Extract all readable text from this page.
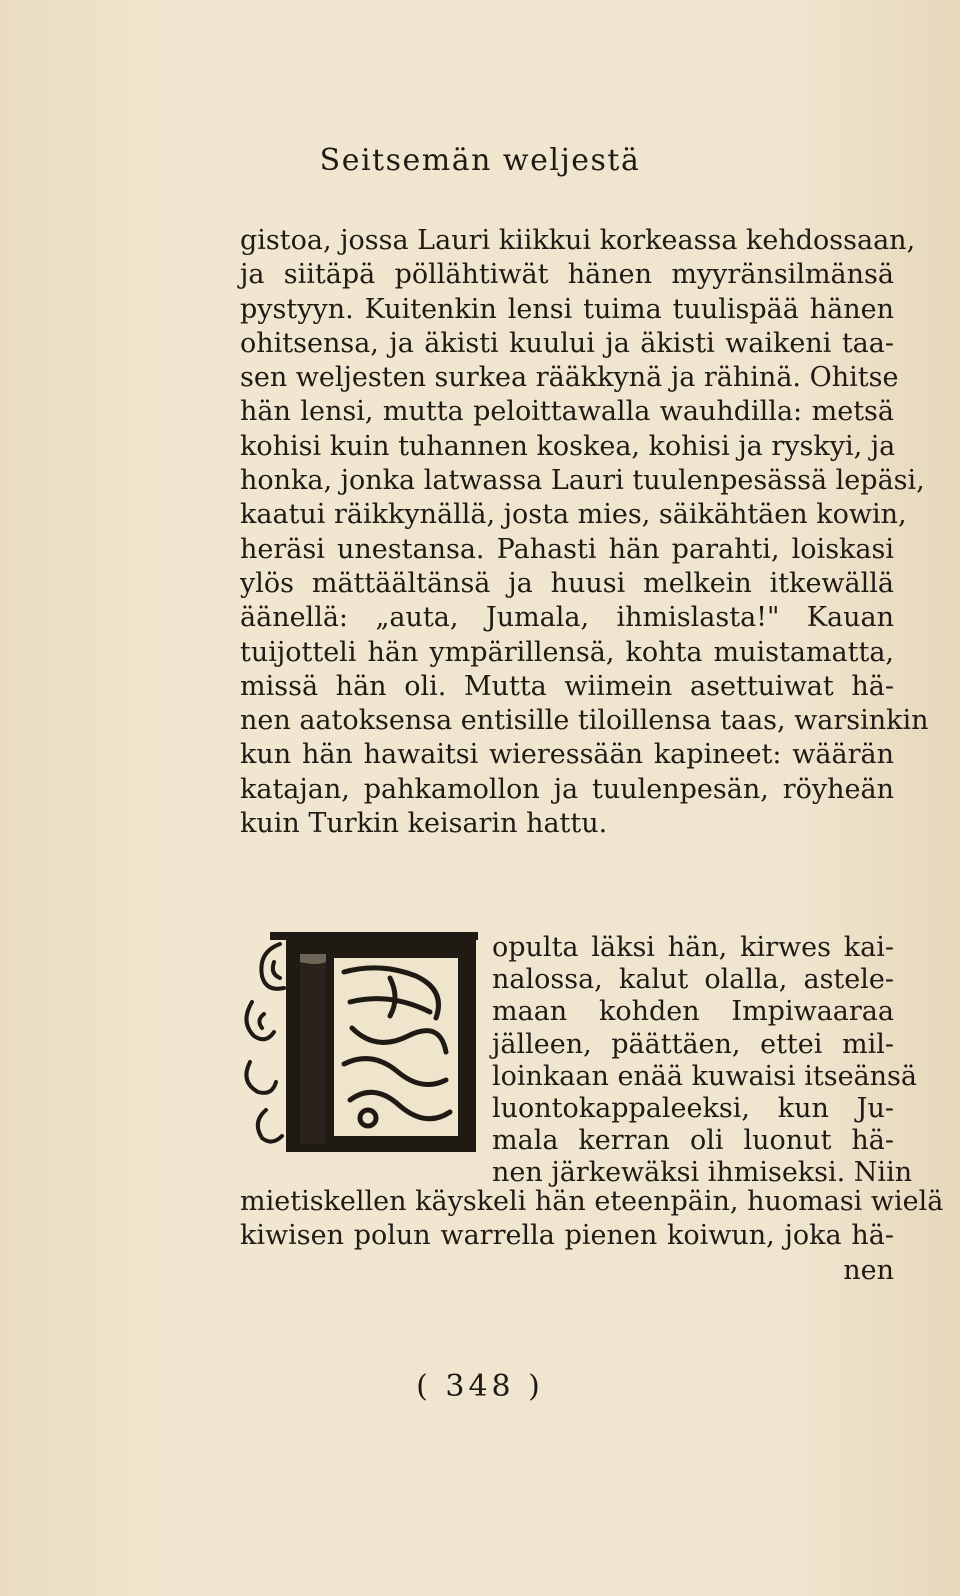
Seitsemän weljestä
gistoa, jossa Lauri kiikkui korkeassa kehdossaan,
ja siitäpä pöllähtiwät hänen myyränsilmänsä
pystyyn. Kuitenkin lensi tuima tuulispää hänen
ohitsensa, ja äkisti kuului ja äkisti waikeni taa-
sen weljesten surkea rääkkynä ja rähinä. Ohitse
hän lensi, mutta peloittawalla wauhdilla: metsä
kohisi kuin tuhannen koskea, kohisi ja ryskyi, ja
honka, jonka latwassa Lauri tuulenpesässä lepäsi,
kaatui räikkynällä, josta mies, säikähtäen kowin,
heräsi unestansa. Pahasti hän parahti, loiskasi
ylös mättäältänsä ja huusi melkein itkewällä
äänellä: „auta, Jumala, ihmislasta!" Kauan
tuijotteli hän ympärillensä, kohta muistamatta,
missä hän oli. Mutta wiimein asettuiwat hä-
nen aatoksensa entisille tiloillensa taas, warsinkin
kun hän hawaitsi wieressään kapineet: wäärän
katajan, pahkamollon ja tuulenpesän, röyheän
kuin Turkin keisarin hattu.
opulta läksi hän, kirwes kai-
nalossa, kalut olalla, astele-
maan kohden Impiwaaraa
jälleen, päättäen, ettei mil-
loinkaan enää kuwaisi itseänsä
luontokappaleeksi, kun Ju-
mala kerran oli luonut hä-
nen järkewäksi ihmiseksi. Niin
mietiskellen käyskeli hän eteenpäin, huomasi wielä
kiwisen polun warrella pienen koiwun, joka hä-
nen
( 348 )
